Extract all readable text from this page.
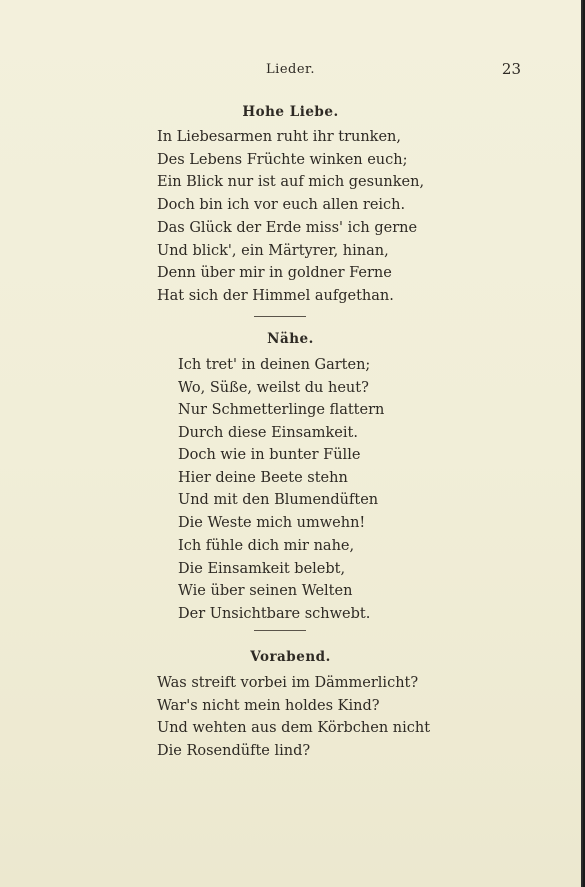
Lieder.	23
Hohe Liebe.
In Liebesarmen ruht ihr trunken,
Des Lebens Früchte winken euch;
Ein Blick nur ist auf mich gesunken,
Doch bin ich vor euch allen reich.
Das Glück der Erde miss' ich gerne
Und blick', ein Märtyrer, hinan,
Denn über mir in goldner Ferne
Hat sich der Himmel aufgethan.
Nähe.
Ich tret' in deinen Garten;
Wo, Süße, weilst du heut?
Nur Schmetterlinge flattern
Durch diese Einsamkeit.
Doch wie in bunter Fülle
Hier deine Beete stehn
Und mit den Blumendüften
Die Weste mich umwehn!
Ich fühle dich mir nahe,
Die Einsamkeit belebt,
Wie über seinen Welten
Der Unsichtbare schwebt.
Vorabend.
Was streift vorbei im Dämmerlicht?
War's nicht mein holdes Kind?
Und wehten aus dem Körbchen nicht
Die Rosendüfte lind?
